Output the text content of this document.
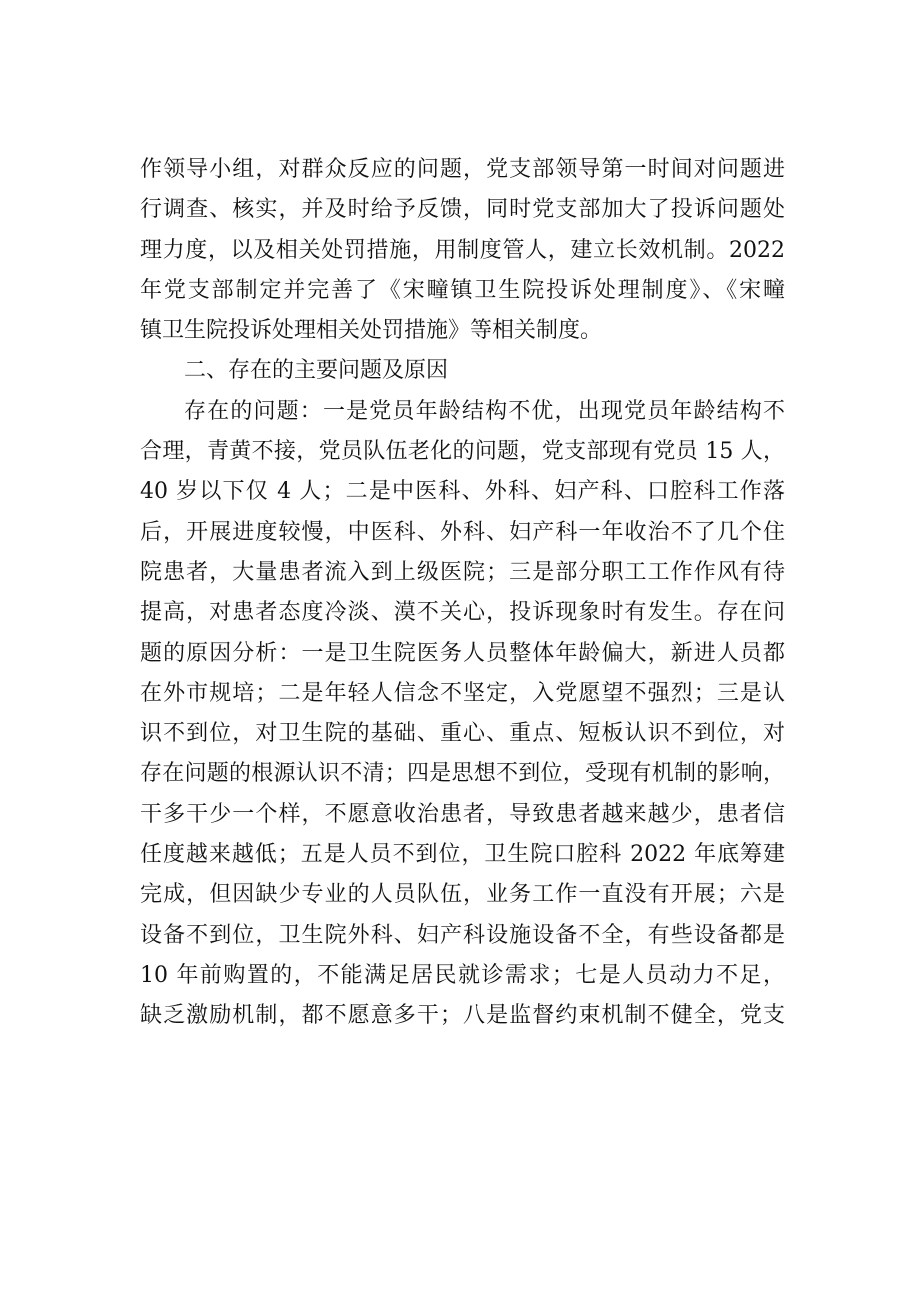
作领导小组，对群众反应的问题，党支部领导第一时间对问题进
行调查、核实，并及时给予反馈，同时党支部加大了投诉问题处
理力度，以及相关处罚措施，用制度管人，建立长效机制。2022
年党支部制定并完善了《宋疃镇卫生院投诉处理制度》、《宋疃
镇卫生院投诉处理相关处罚措施》等相关制度。
二、存在的主要问题及原因
存在的问题：一是党员年龄结构不优，出现党员年龄结构不
合理，青黄不接，党员队伍老化的问题，党支部现有党员 15 人，
40 岁以下仅 4 人；二是中医科、外科、妇产科、口腔科工作落
后，开展进度较慢，中医科、外科、妇产科一年收治不了几个住
院患者，大量患者流入到上级医院；三是部分职工工作作风有待
提高，对患者态度冷淡、漠不关心，投诉现象时有发生。存在问
题的原因分析：一是卫生院医务人员整体年龄偏大，新进人员都
在外市规培；二是年轻人信念不坚定，入党愿望不强烈；三是认
识不到位，对卫生院的基础、重心、重点、短板认识不到位，对
存在问题的根源认识不清；四是思想不到位，受现有机制的影响，
干多干少一个样，不愿意收治患者，导致患者越来越少，患者信
任度越来越低；五是人员不到位，卫生院口腔科 2022 年底筹建
完成，但因缺少专业的人员队伍，业务工作一直没有开展；六是
设备不到位，卫生院外科、妇产科设施设备不全，有些设备都是
10 年前购置的，不能满足居民就诊需求；七是人员动力不足，
缺乏激励机制，都不愿意多干；八是监督约束机制不健全，党支
